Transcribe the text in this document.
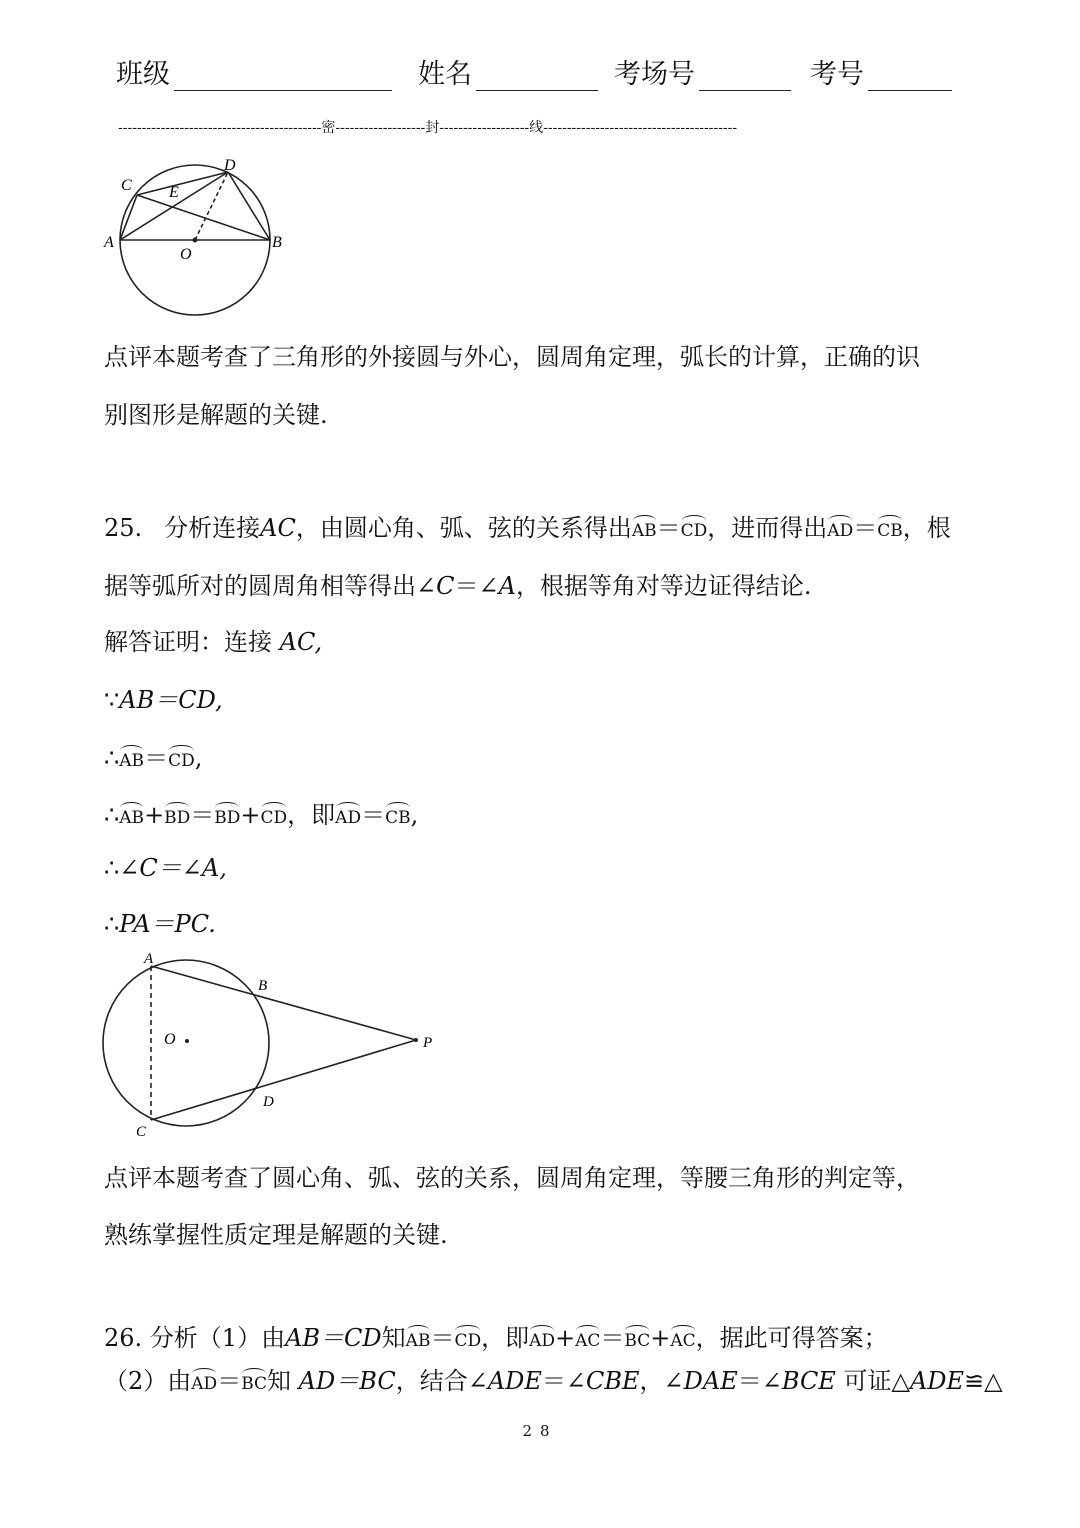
班级	姓名	考场号	考号
-------------------------------------------密-------------------封-------------------线-----------------------------------------
A	B
C
D
E
O
点评本题考查了三角形的外接圆与外心，圆周角定理，弧长的计算，正确的识
别图形是解题的关键.
25. 分析连接AC，由圆心角、弧、弦的关系得出AB＝CD，进而得出AD＝CB，根
据等弧所对的圆周角相等得出∠C＝∠A，根据等角对等边证得结论.
解答证明：连接 AC,
∵AB＝CD,
∴AB＝CD,
∴AB+BD＝BD+CD，即AD＝CB,
∴∠C＝∠A,
∴PA＝PC.
A
B
C
D
O	P
点评本题考查了圆心角、弧、弦的关系，圆周角定理，等腰三角形的判定等，
熟练掌握性质定理是解题的关键.
26. 分析（1）由AB＝CD知AB＝CD，即AD+AC＝BC+AC，据此可得答案；
（2）由AD＝BC知 AD＝BC，结合∠ADE＝∠CBE，∠DAE＝∠BCE 可证△ADE≌△
28
